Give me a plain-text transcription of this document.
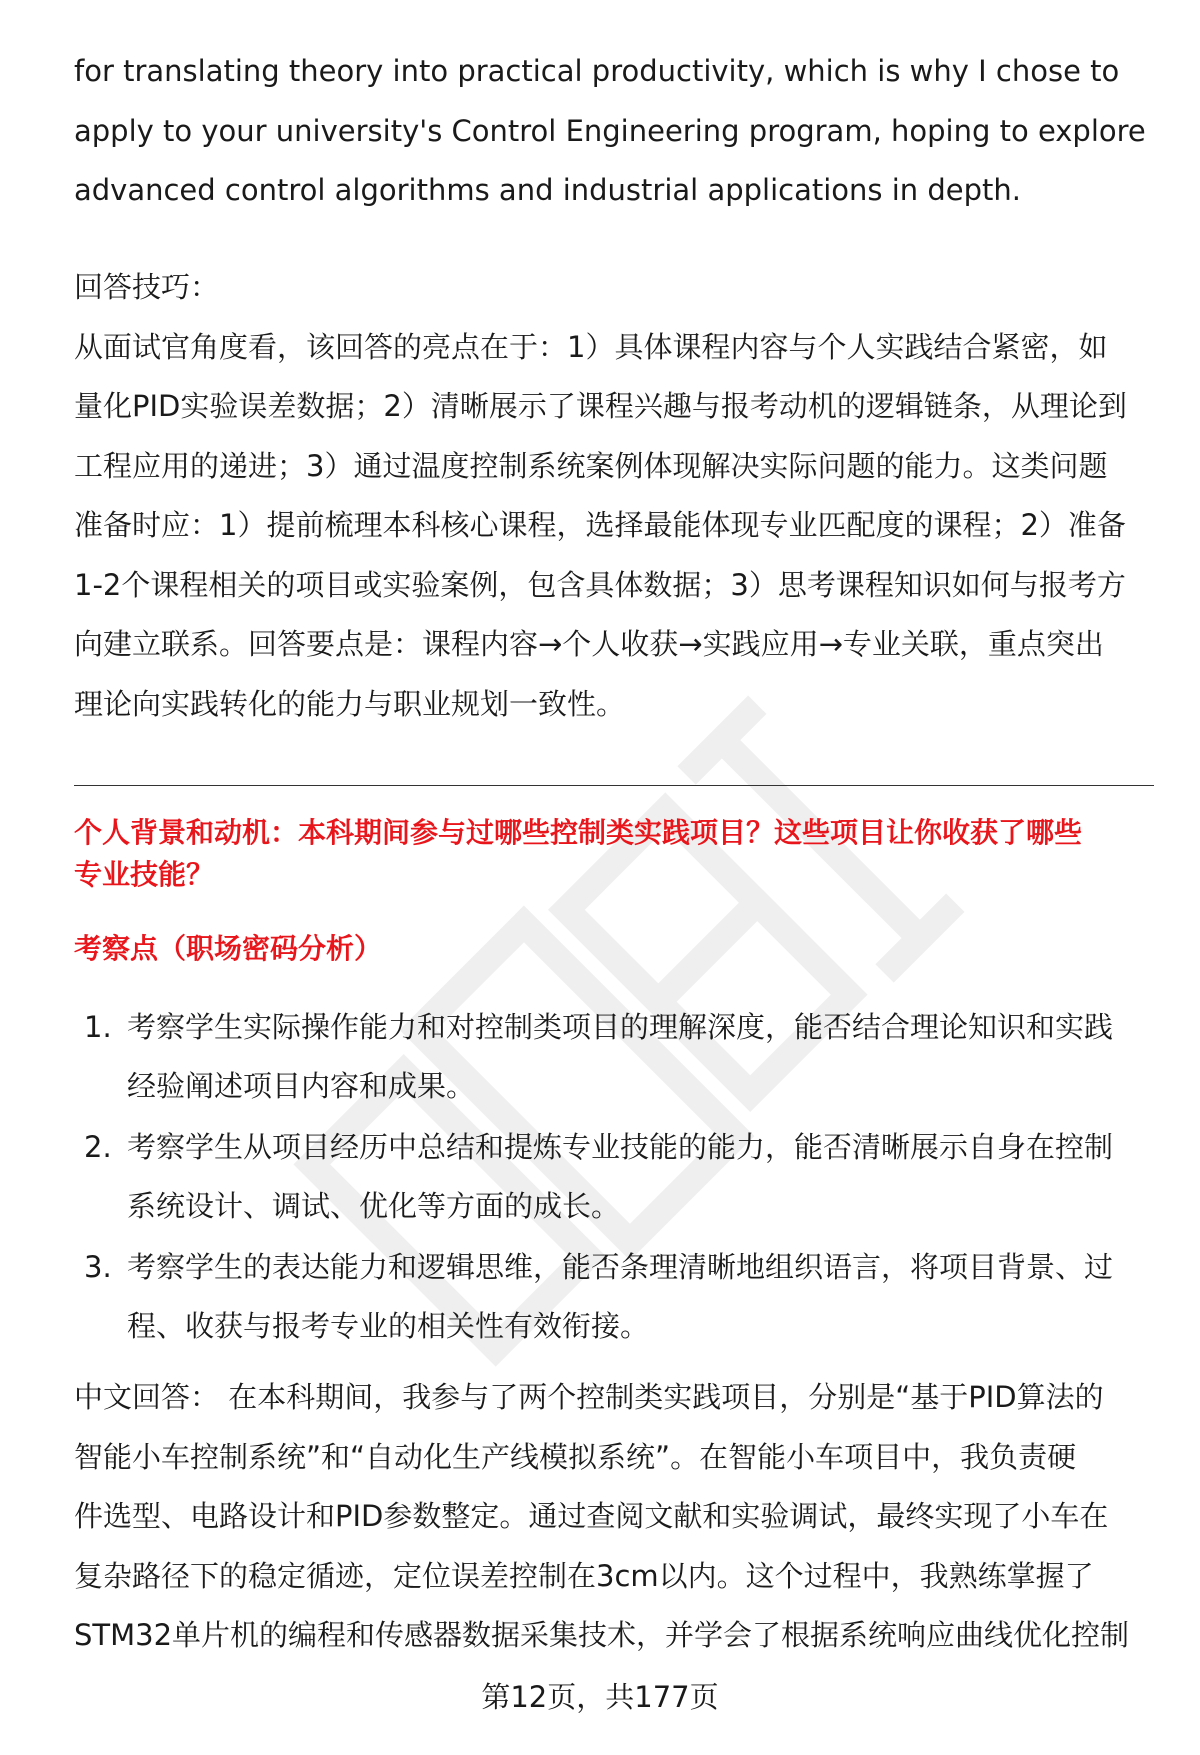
for translating theory into practical productivity, which is why I chose to
apply to your university's Control Engineering program, hoping to explore
advanced control algorithms and industrial applications in depth.
回答技巧：
从面试官角度看，该回答的亮点在于：1）具体课程内容与个人实践结合紧密，如
量化PID实验误差数据；2）清晰展示了课程兴趣与报考动机的逻辑链条，从理论到
工程应用的递进；3）通过温度控制系统案例体现解决实际问题的能力。这类问题
准备时应：1）提前梳理本科核心课程，选择最能体现专业匹配度的课程；2）准备
1-2个课程相关的项目或实验案例，包含具体数据；3）思考课程知识如何与报考方
向建立联系。回答要点是：课程内容→个人收获→实践应用→专业关联，重点突出
理论向实践转化的能力与职业规划一致性。
个人背景和动机：本科期间参与过哪些控制类实践项目？这些项目让你收获了哪些
专业技能？
考察点（职场密码分析）
1. 考察学生实际操作能力和对控制类项目的理解深度，能否结合理论知识和实践
经验阐述项目内容和成果。
2. 考察学生从项目经历中总结和提炼专业技能的能力，能否清晰展示自身在控制
系统设计、调试、优化等方面的成长。
3. 考察学生的表达能力和逻辑思维，能否条理清晰地组织语言，将项目背景、过
程、收获与报考专业的相关性有效衔接。
中文回答： 在本科期间，我参与了两个控制类实践项目，分别是“基于PID算法的
智能小车控制系统”和“自动化生产线模拟系统”。在智能小车项目中，我负责硬
件选型、电路设计和PID参数整定。通过查阅文献和实验调试，最终实现了小车在
复杂路径下的稳定循迹，定位误差控制在3cm以内。这个过程中，我熟练掌握了
STM32单片机的编程和传感器数据采集技术，并学会了根据系统响应曲线优化控制
第12页，共177页
